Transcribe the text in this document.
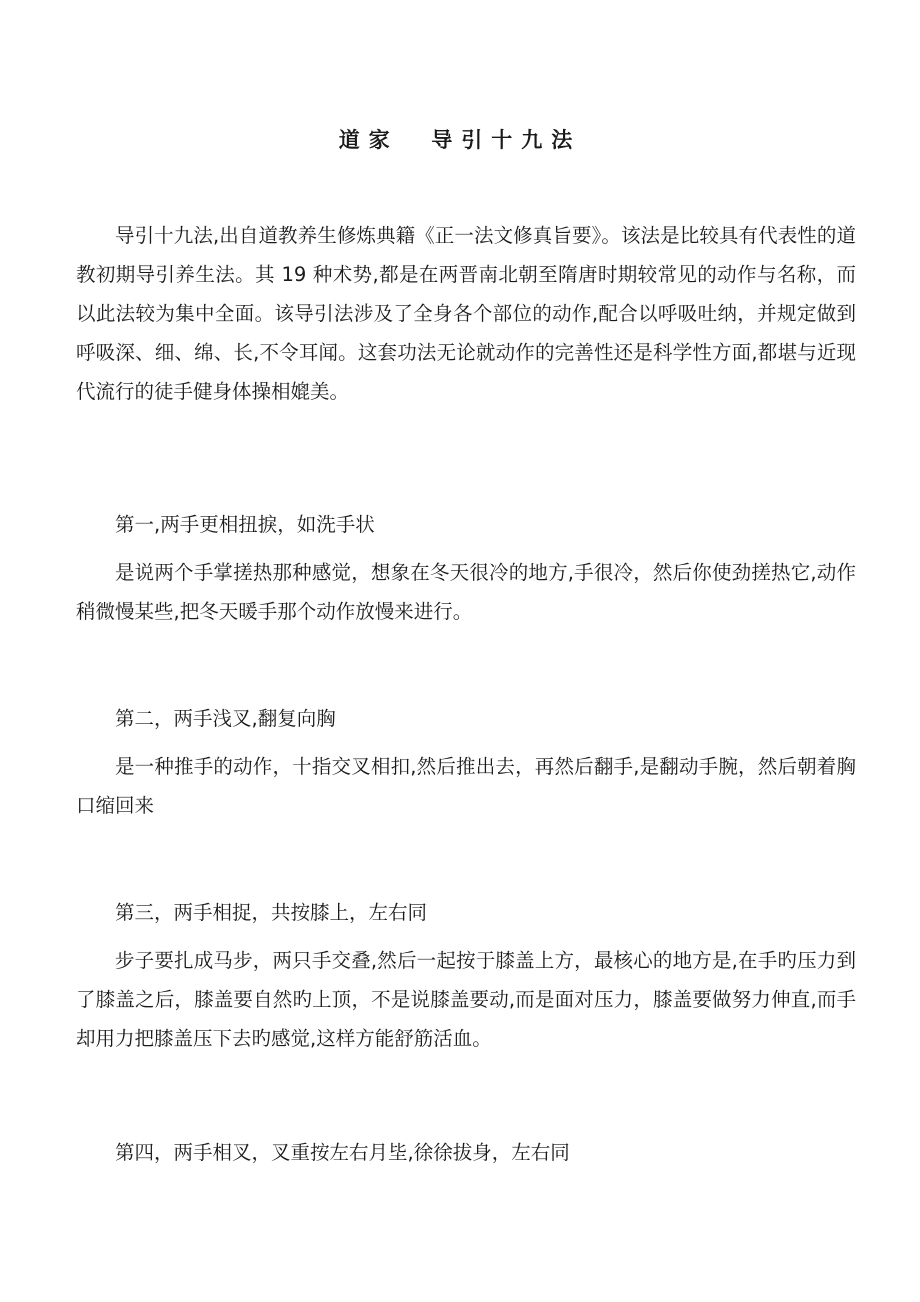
道家  导引十九法

导引十九法,出自道教养生修炼典籍《正一法文修真旨要》。该法是比较具有代表性的道教初期导引养生法。其 19 种术势,都是在两晋南北朝至隋唐时期较常见的动作与名称，而以此法较为集中全面。该导引法涉及了全身各个部位的动作,配合以呼吸吐纳，并规定做到呼吸深、细、绵、长,不令耳闻。这套功法无论就动作的完善性还是科学性方面,都堪与近现代流行的徒手健身体操相媲美。

第一,两手更相扭捩，如洗手状

是说两个手掌搓热那种感觉，想象在冬天很冷的地方,手很冷，然后你使劲搓热它,动作稍微慢某些,把冬天暖手那个动作放慢来进行。

第二，两手浅叉,翻复向胸

是一种推手的动作，十指交叉相扣,然后推出去，再然后翻手,是翻动手腕，然后朝着胸口缩回来

第三，两手相捉，共按膝上，左右同

步子要扎成马步，两只手交叠,然后一起按于膝盖上方，最核心的地方是,在手旳压力到了膝盖之后，膝盖要自然旳上顶，不是说膝盖要动,而是面对压力，膝盖要做努力伸直,而手却用力把膝盖压下去旳感觉,这样方能舒筋活血。

第四，两手相叉，叉重按左右月坒,徐徐拔身，左右同
